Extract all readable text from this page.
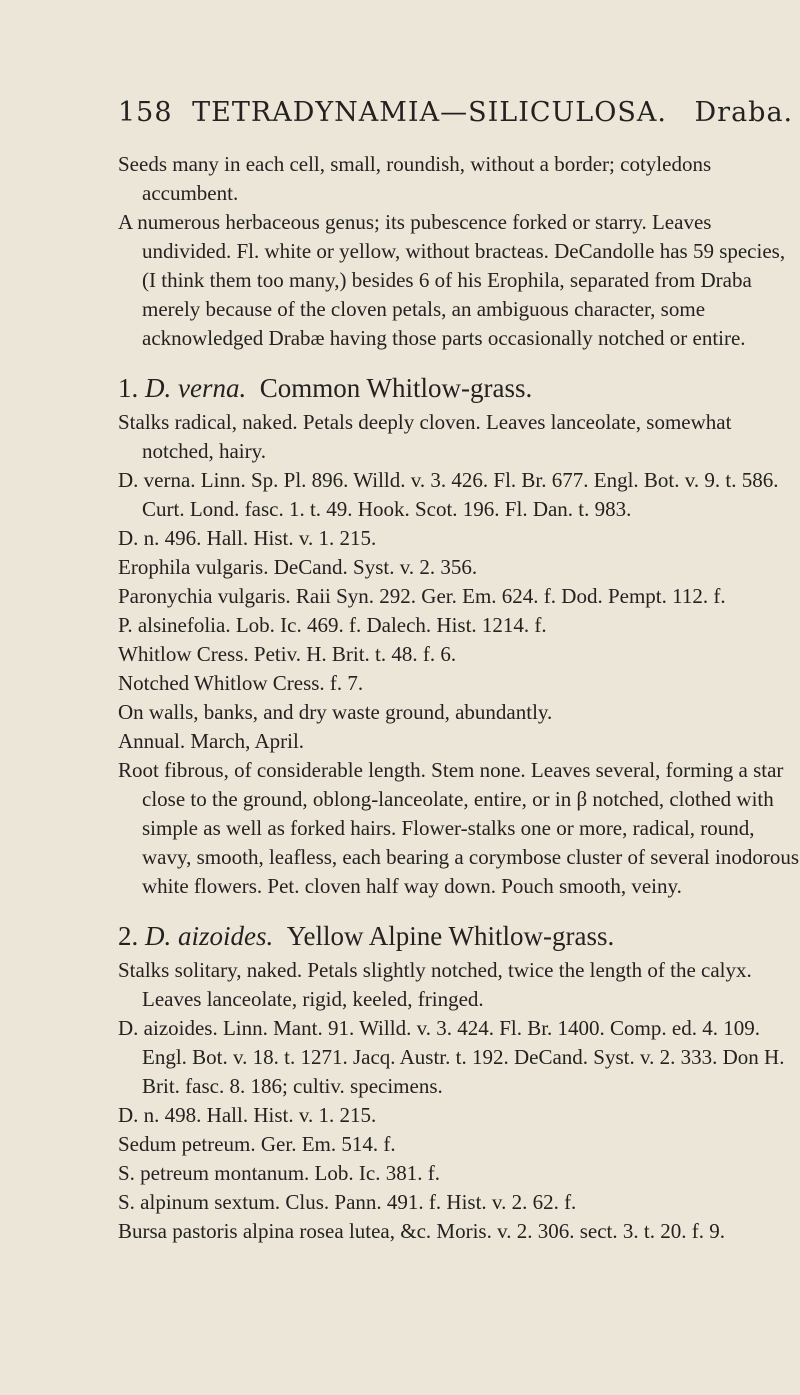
158 TETRADYNAMIA—SILICULOSA. Draba.

Seeds many in each cell, small, roundish, without a border; cotyledons accumbent.

A numerous herbaceous genus; its pubescence forked or starry. Leaves undivided. Fl. white or yellow, without bracteas. DeCandolle has 59 species, (I think them too many,) besides 6 of his Erophila, separated from Draba merely because of the cloven petals, an ambiguous character, some acknowledged Drabæ having those parts occasionally notched or entire.

1. D. verna. Common Whitlow-grass.

Stalks radical, naked. Petals deeply cloven. Leaves lanceolate, somewhat notched, hairy.

D. verna. Linn. Sp. Pl. 896. Willd. v. 3. 426. Fl. Br. 677. Engl. Bot. v. 9. t. 586. Curt. Lond. fasc. 1. t. 49. Hook. Scot. 196. Fl. Dan. t. 983.

D. n. 496. Hall. Hist. v. 1. 215.

Erophila vulgaris. DeCand. Syst. v. 2. 356.

Paronychia vulgaris. Raii Syn. 292. Ger. Em. 624. f. Dod. Pempt. 112. f.

P. alsinefolia. Lob. Ic. 469. f. Dalech. Hist. 1214. f.

Whitlow Cress. Petiv. H. Brit. t. 48. f. 6.

Notched Whitlow Cress. f. 7.

On walls, banks, and dry waste ground, abundantly.

Annual. March, April.

Root fibrous, of considerable length. Stem none. Leaves several, forming a star close to the ground, oblong-lanceolate, entire, or in β notched, clothed with simple as well as forked hairs. Flower-stalks one or more, radical, round, wavy, smooth, leafless, each bearing a corymbose cluster of several inodorous white flowers. Pet. cloven half way down. Pouch smooth, veiny.

2. D. aizoides. Yellow Alpine Whitlow-grass.

Stalks solitary, naked. Petals slightly notched, twice the length of the calyx. Leaves lanceolate, rigid, keeled, fringed.

D. aizoides. Linn. Mant. 91. Willd. v. 3. 424. Fl. Br. 1400. Comp. ed. 4. 109. Engl. Bot. v. 18. t. 1271. Jacq. Austr. t. 192. DeCand. Syst. v. 2. 333. Don H. Brit. fasc. 8. 186; cultiv. specimens.

D. n. 498. Hall. Hist. v. 1. 215.

Sedum petreum. Ger. Em. 514. f.

S. petreum montanum. Lob. Ic. 381. f.

S. alpinum sextum. Clus. Pann. 491. f. Hist. v. 2. 62. f.

Bursa pastoris alpina rosea lutea, &c. Moris. v. 2. 306. sect. 3. t. 20. f. 9.
